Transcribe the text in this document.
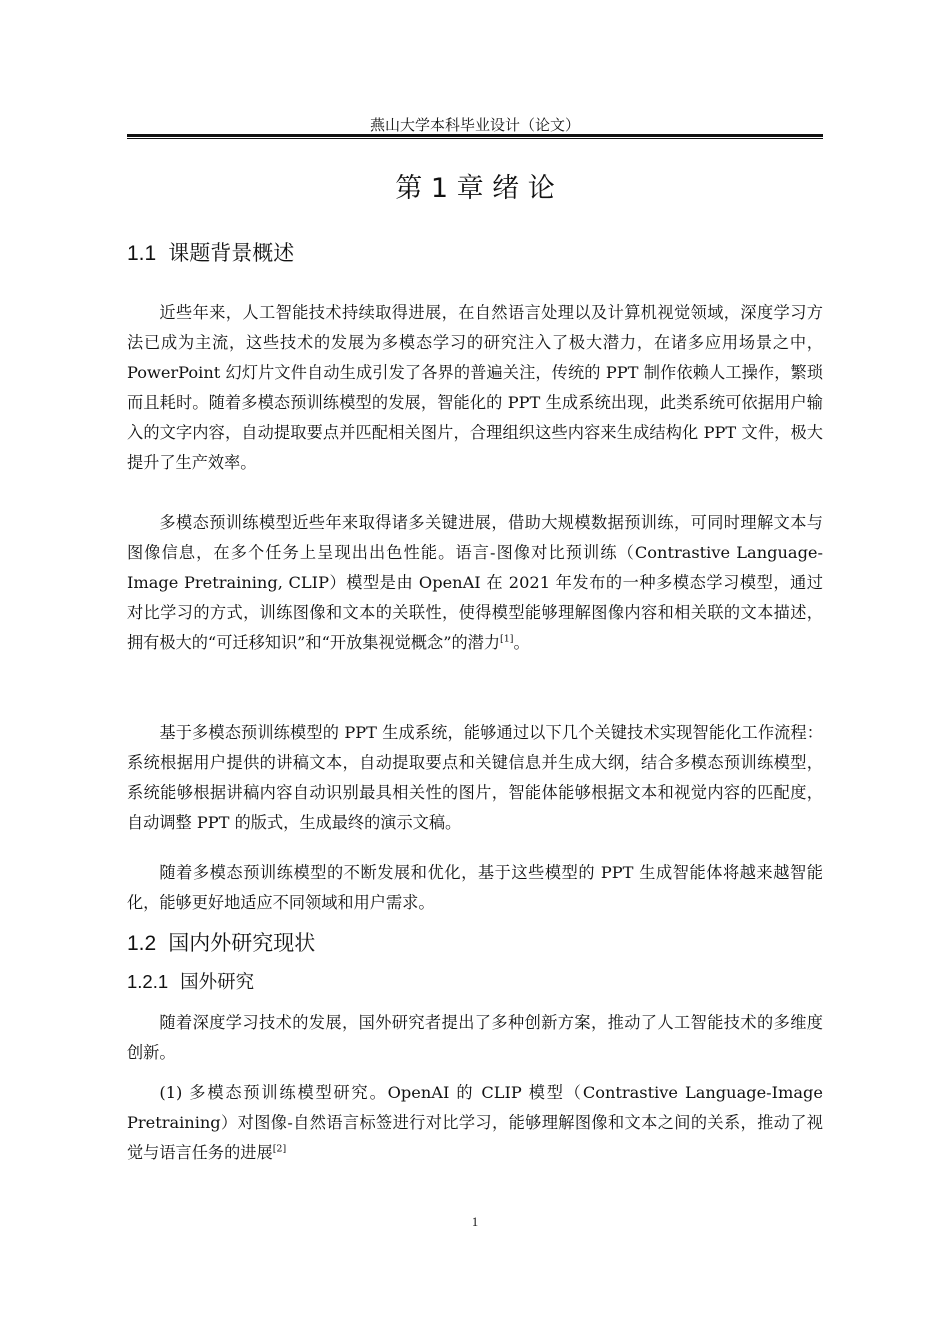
燕山大学本科毕业设计（论文）
第 1 章 绪 论
1.1 课题背景概述

近些年来，人工智能技术持续取得进展，在自然语言处理以及计算机视觉领域，深度学习方法已成为主流，这些技术的发展为多模态学习的研究注入了极大潜力，在诸多应用场景之中，PowerPoint 幻灯片文件自动生成引发了各界的普遍关注，传统的 PPT 制作依赖人工操作，繁琐而且耗时。随着多模态预训练模型的发展，智能化的 PPT 生成系统出现，此类系统可依据用户输入的文字内容，自动提取要点并匹配相关图片，合理组织这些内容来生成结构化 PPT 文件，极大提升了生产效率。

多模态预训练模型近些年来取得诸多关键进展，借助大规模数据预训练，可同时理解文本与图像信息，在多个任务上呈现出出色性能。语言-图像对比预训练（Contrastive Language-Image Pretraining, CLIP）模型是由 OpenAI 在 2021 年发布的一种多模态学习模型，通过对比学习的方式，训练图像和文本的关联性，使得模型能够理解图像内容和相关联的文本描述，拥有极大的“可迁移知识”和“开放集视觉概念”的潜力[1]。

基于多模态预训练模型的 PPT 生成系统，能够通过以下几个关键技术实现智能化工作流程：系统根据用户提供的讲稿文本，自动提取要点和关键信息并生成大纲，结合多模态预训练模型，系统能够根据讲稿内容自动识别最具相关性的图片，智能体能够根据文本和视觉内容的匹配度，自动调整 PPT 的版式，生成最终的演示文稿。

随着多模态预训练模型的不断发展和优化，基于这些模型的 PPT 生成智能体将越来越智能化，能够更好地适应不同领域和用户需求。

1.2 国内外研究现状
1.2.1 国外研究

随着深度学习技术的发展，国外研究者提出了多种创新方案，推动了人工智能技术的多维度创新。

(1) 多模态预训练模型研究。OpenAI 的 CLIP 模型（Contrastive Language-Image Pretraining）对图像-自然语言标签进行对比学习，能够理解图像和文本之间的关系，推动了视觉与语言任务的进展[2]

1
